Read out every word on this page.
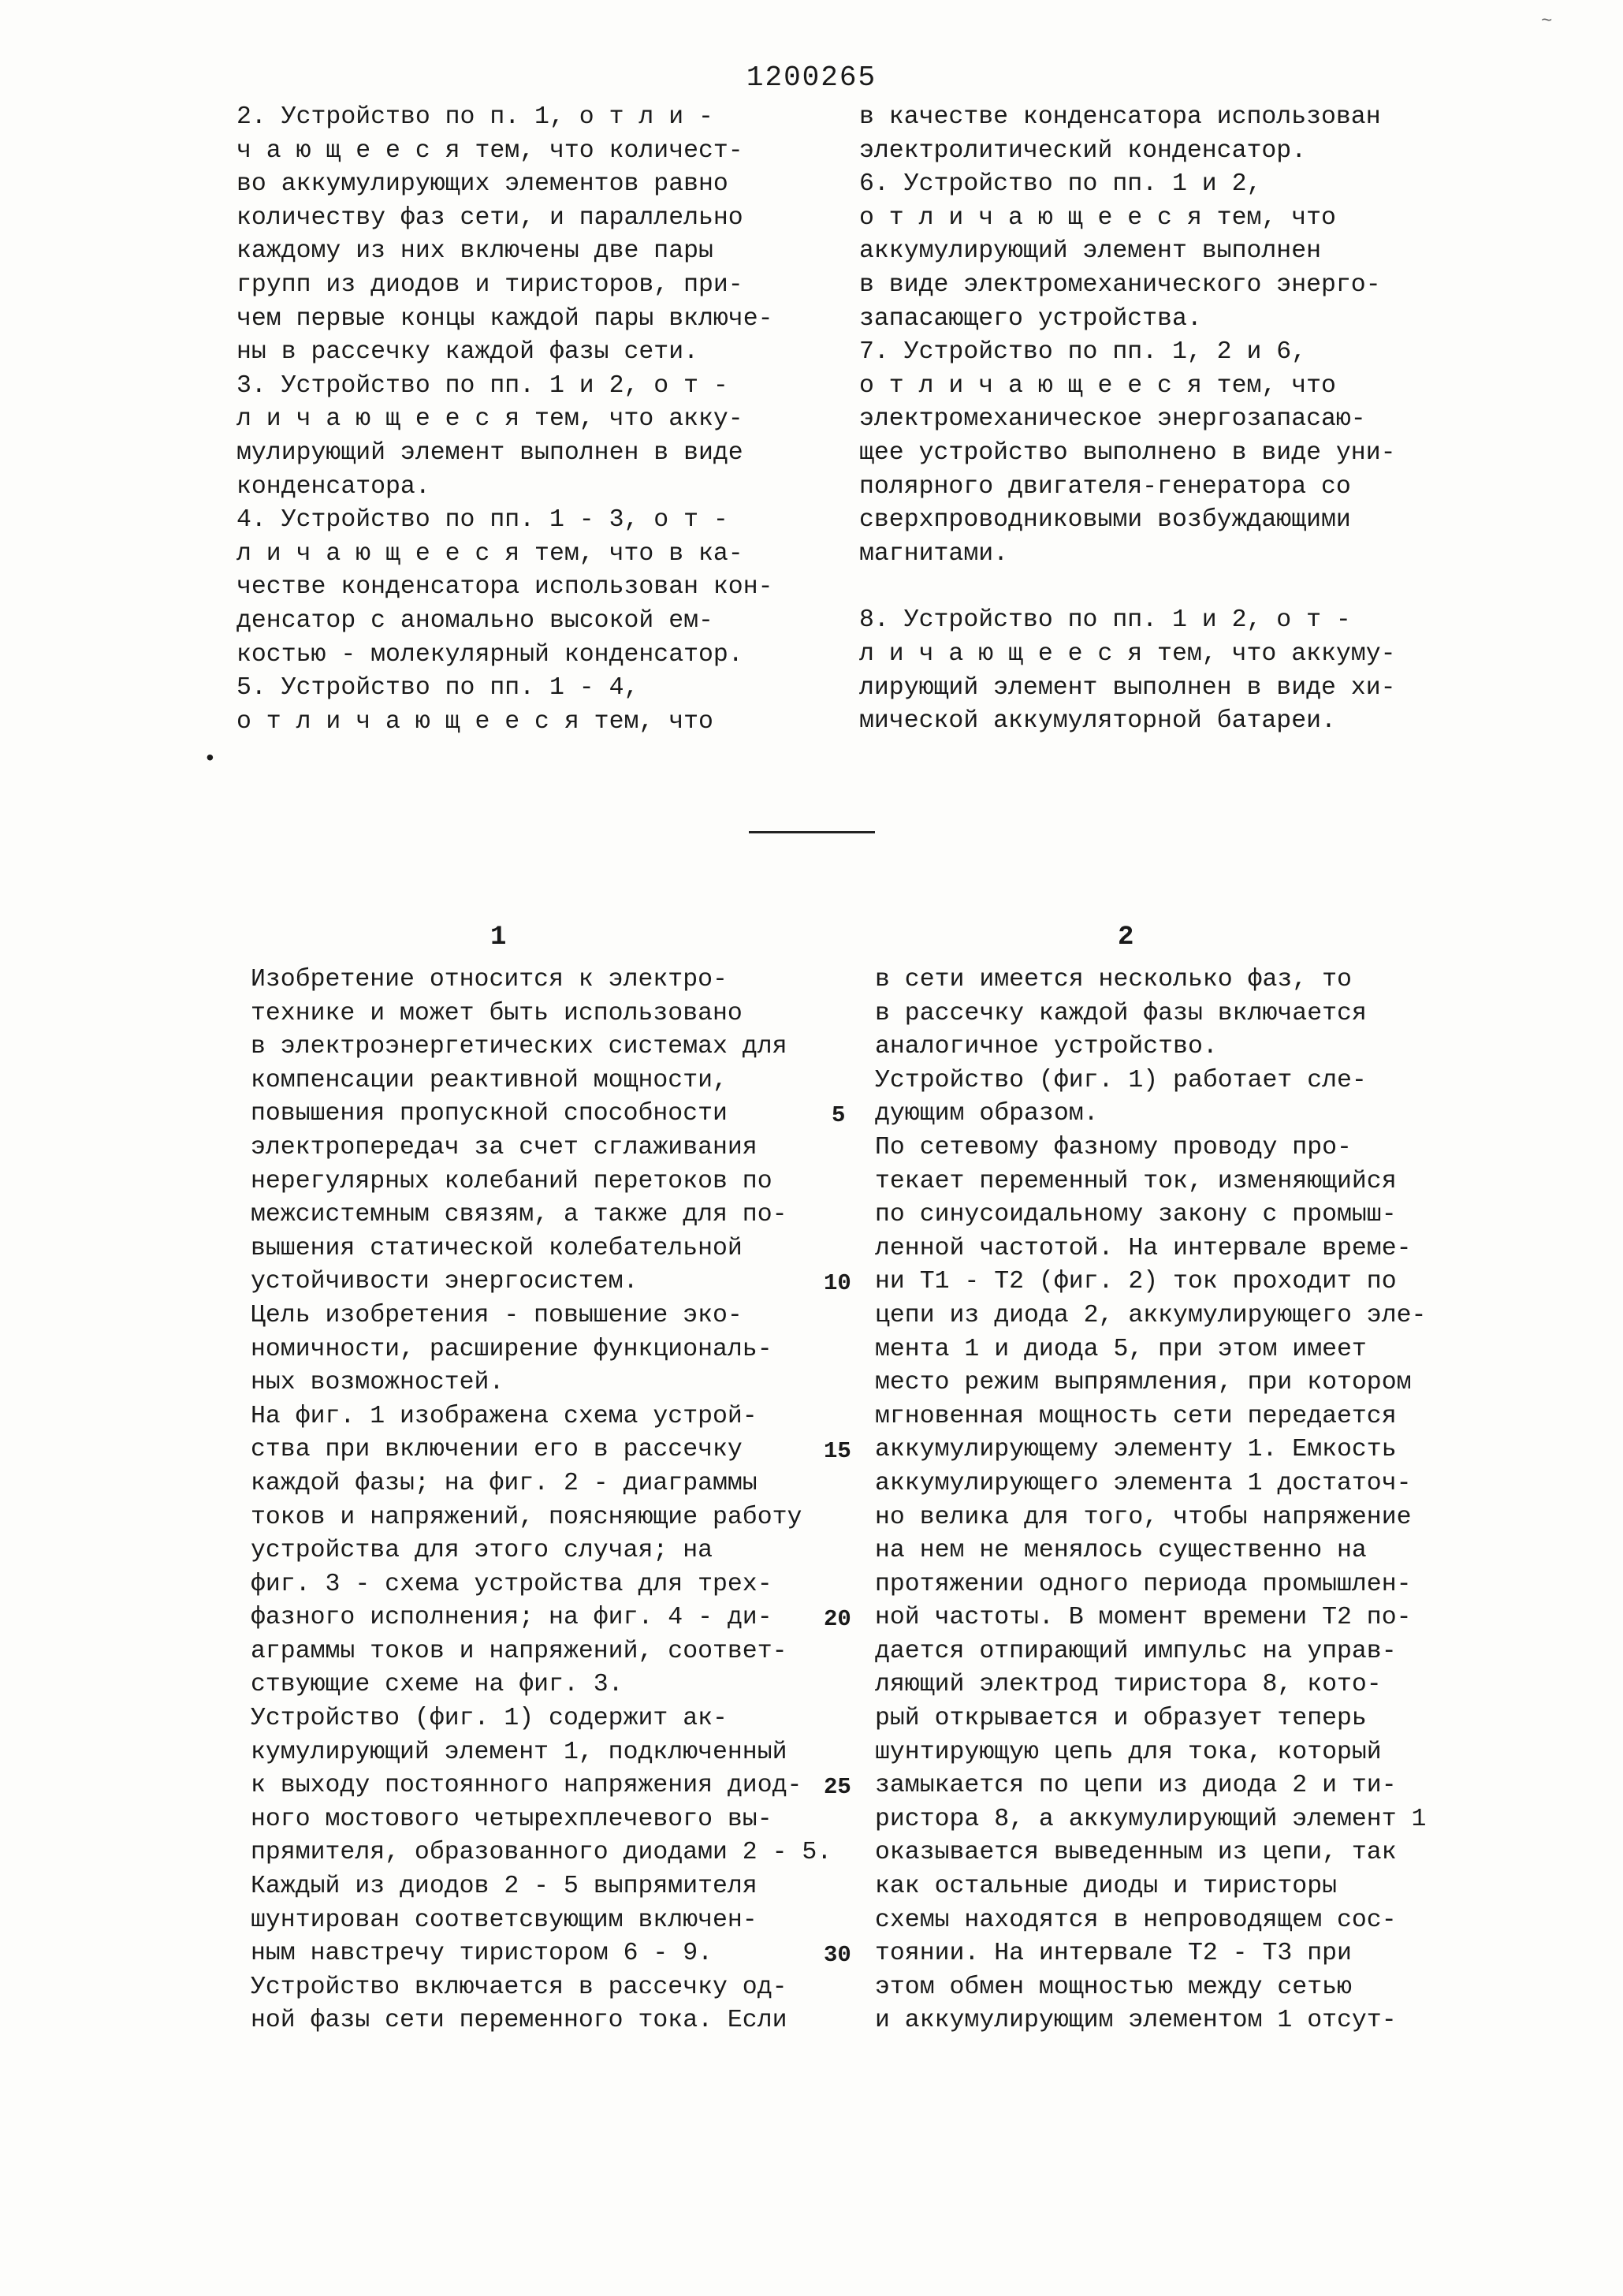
~
1200265

2. Устройство по п. 1, о т л и -

ч а ю щ е е с я тем, что количест-

во аккумулирующих элементов равно

количеству фаз сети, и параллельно

каждому из них включены две пары

групп из диодов и тиристоров, при-

чем первые концы каждой пары включе-

ны в рассечку каждой фазы сети.

3. Устройство по пп. 1 и 2, о т -

л и ч а ю щ е е с я тем, что акку-

мулирующий элемент выполнен в виде

конденсатора.

4. Устройство по пп. 1 - 3, о т -

л и ч а ю щ е е с я тем, что в ка-

честве конденсатора использован кон-

денсатор с аномально высокой ем-

костью - молекулярный конденсатор.

5. Устройство по пп. 1 - 4,

о т л и ч а ю щ е е с я тем, что

в качестве конденсатора использован

электролитический конденсатор.

6. Устройство по пп. 1 и 2,

о т л и ч а ю щ е е с я тем, что

аккумулирующий элемент выполнен

в виде электромеханического энерго-

запасающего устройства.

7. Устройство по пп. 1, 2 и 6,

о т л и ч а ю щ е е с я тем, что

электромеханическое энергозапасаю-

щее устройство выполнено в виде уни-

полярного двигателя-генератора со

сверхпроводниковыми возбуждающими

магнитами.

8. Устройство по пп. 1 и 2, о т -

л и ч а ю щ е е с я тем, что аккуму-

лирующий элемент выполнен в виде хи-

мической аккумуляторной батареи.

•
1	2

Изобретение относится к электро-

технике и может быть использовано

в электроэнергетических системах для

компенсации реактивной мощности,

повышения пропускной способности

электропередач за счет сглаживания

нерегулярных колебаний перетоков по

межсистемным связям, а также для по-

вышения статической колебательной

устойчивости энергосистем.

Цель изобретения - повышение эко-

номичности, расширение функциональ-

ных возможностей.

На фиг. 1 изображена схема устрой-

ства при включении его в рассечку

каждой фазы; на фиг. 2 - диаграммы

токов и напряжений, поясняющие работу

устройства для этого случая; на

фиг. 3 - схема устройства для трех-

фазного исполнения; на фиг. 4 - ди-

аграммы токов и напряжений, соответ-

ствующие схеме на фиг. 3.

Устройство (фиг. 1) содержит ак-

кумулирующий элемент 1, подключенный

к выходу постоянного напряжения диод-

ного мостового четырехплечевого вы-

прямителя, образованного диодами 2 - 5.

Каждый из диодов 2 - 5 выпрямителя

шунтирован соответсвующим включен-

ным навстречу тиристором 6 - 9.

Устройство включается в рассечку од-

ной фазы сети переменного тока. Если

5
10
15
20
25
30

в сети имеется несколько фаз, то

в рассечку каждой фазы включается

аналогичное устройство.

Устройство (фиг. 1) работает сле-

дующим образом.

По сетевому фазному проводу про-

текает переменный ток, изменяющийся

по синусоидальному закону с промыш-

ленной частотой. На интервале време-

ни T1 - T2 (фиг. 2) ток проходит по

цепи из диода 2, аккумулирующего эле-

мента 1 и диода 5, при этом имеет

место режим выпрямления, при котором

мгновенная мощность сети передается

аккумулирующему элементу 1. Емкость

аккумулирующего элемента 1 достаточ-

но велика для того, чтобы напряжение

на нем не менялось существенно на

протяжении одного периода промышлен-

ной частоты. В момент времени T2 по-

дается отпирающий импульс на управ-

ляющий электрод тиристора 8, кото-

рый открывается и образует теперь

шунтирующую цепь для тока, который

замыкается по цепи из диода 2 и ти-

ристора 8, а аккумулирующий элемент 1

оказывается выведенным из цепи, так

как остальные диоды и тиристоры

схемы находятся в непроводящем сос-

тоянии. На интервале T2 - T3 при

этом обмен мощностью между сетью

и аккумулирующим элементом 1 отсут-
